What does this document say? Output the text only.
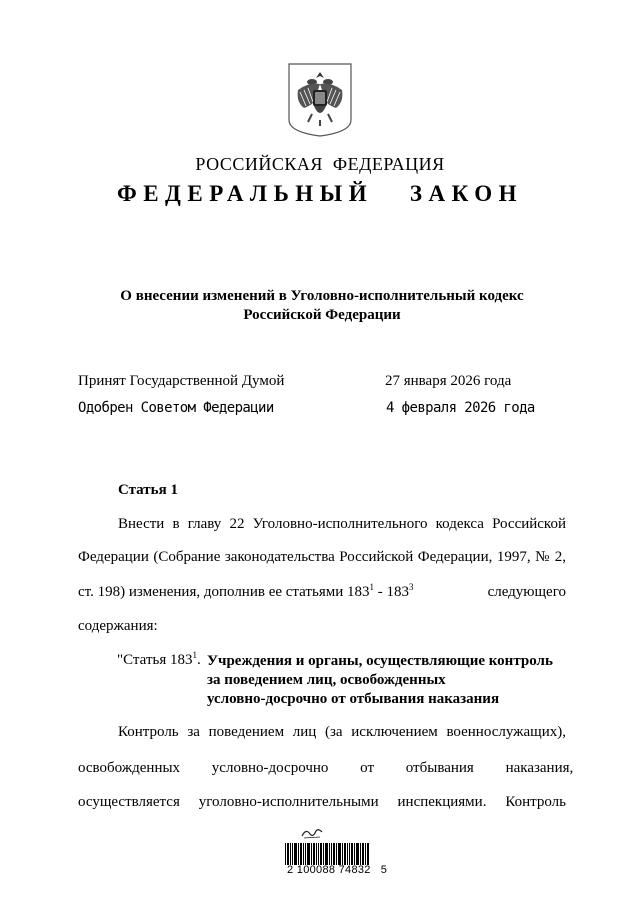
РОССИЙСКАЯ  ФЕДЕРАЦИЯ
ФЕДЕРАЛЬНЫЙ   ЗАКОН
О внесении изменений в Уголовно-исполнительный кодекс
Российской Федерации
Принят Государственной Думой	27 января 2026 года
Одобрен Советом Федерации	4 февраля 2026 года
Статья 1
Внести в главу 22 Уголовно-исполнительного кодекса Российской
Федерации (Собрание законодательства Российской Федерации, 1997, № 2,
ст. 198) изменения, дополнив ее статьями $183^1 - 183^3$	следующего
содержания:
"Статья $183^1$. Учреждения и органы, осуществляющие контроль
за поведением лиц, освобожденных
условно-досрочно от отбывания наказания
Контроль за поведением лиц (за исключением военнослужащих),
освобожденных условно-досрочно от отбывания наказания,
осуществляется уголовно-исполнительными инспекциями. Контроль
2 100088 74832   5
